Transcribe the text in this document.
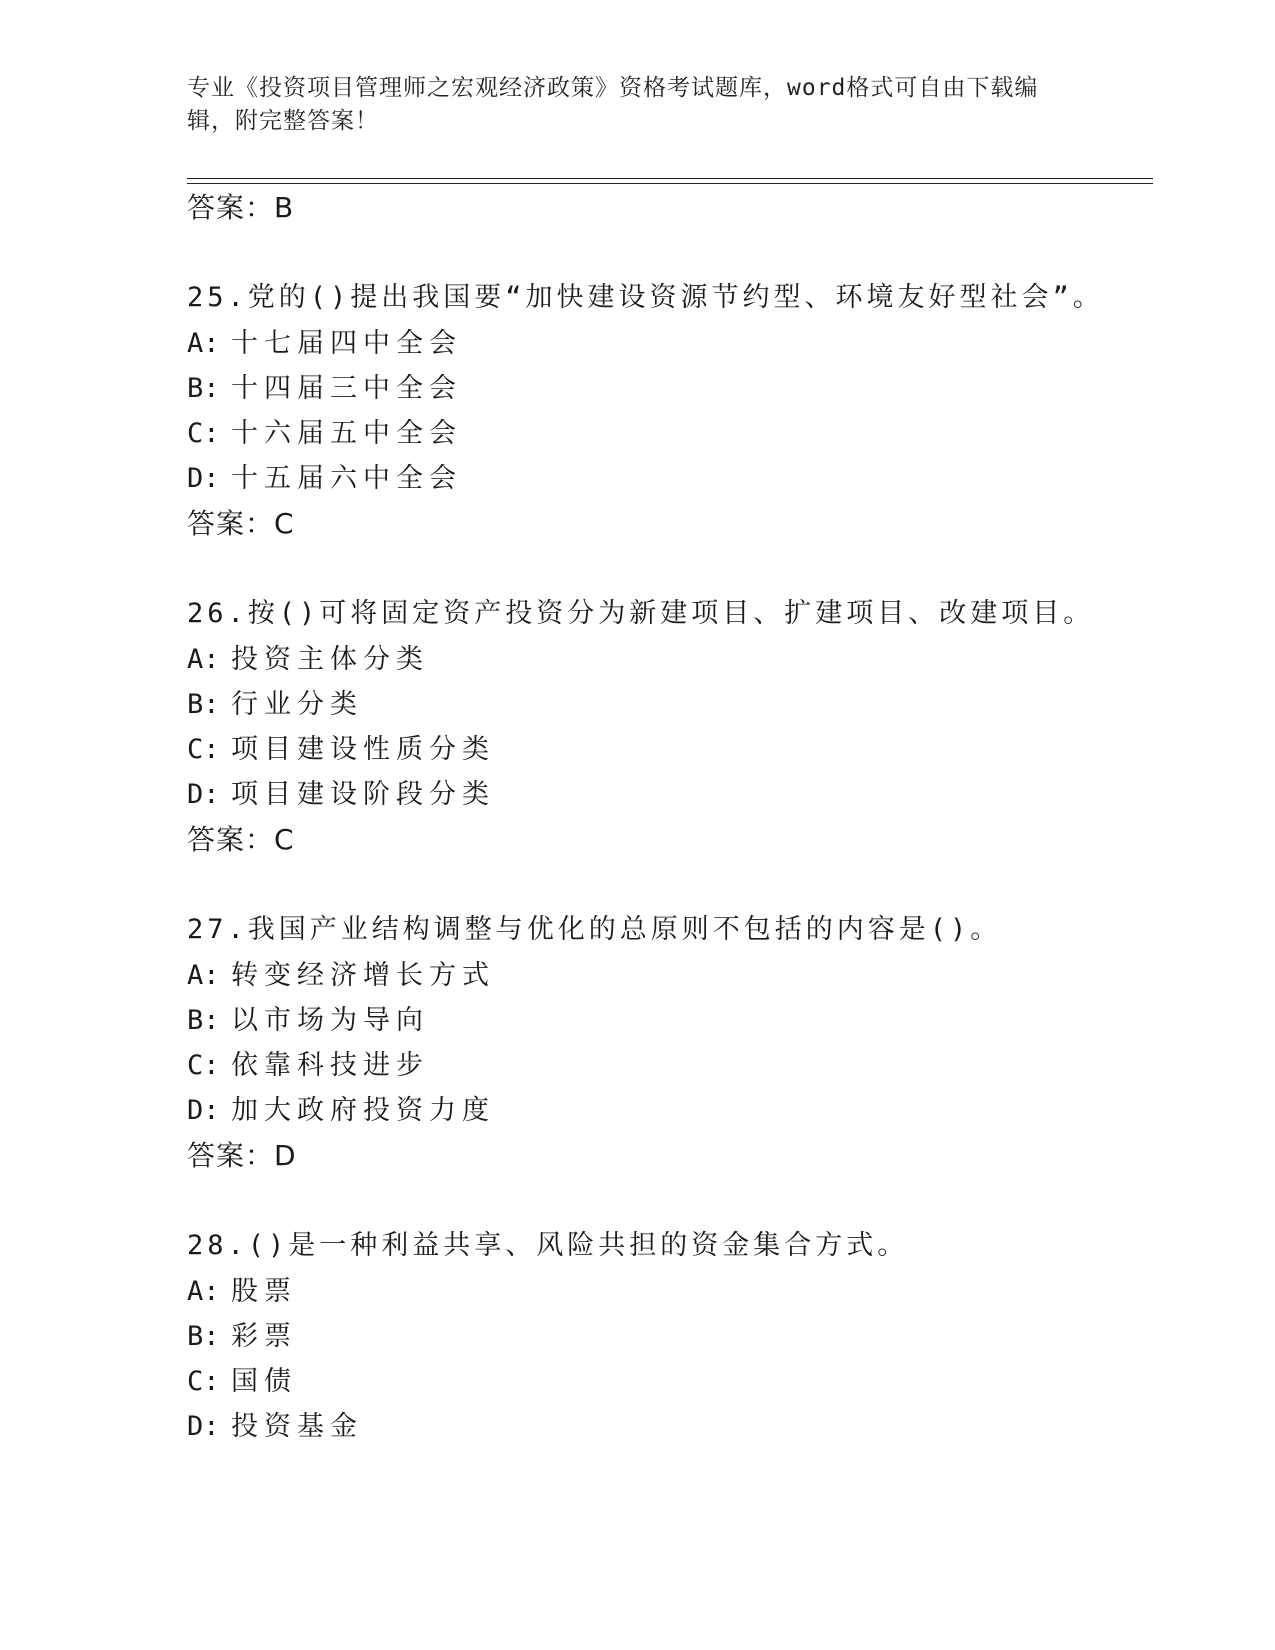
专业《投资项目管理师之宏观经济政策》资格考试题库，word格式可自由下载编
辑，附完整答案！
答案：B
25.党的()提出我国要“加快建设资源节约型、环境友好型社会”。
A: 十七届四中全会
B: 十四届三中全会
C: 十六届五中全会
D: 十五届六中全会
答案：C
26.按()可将固定资产投资分为新建项目、扩建项目、改建项目。
A: 投资主体分类
B: 行业分类
C: 项目建设性质分类
D: 项目建设阶段分类
答案：C
27.我国产业结构调整与优化的总原则不包括的内容是()。
A: 转变经济增长方式
B: 以市场为导向
C: 依靠科技进步
D: 加大政府投资力度
答案：D
28.()是一种利益共享、风险共担的资金集合方式。
A: 股票
B: 彩票
C: 国债
D: 投资基金
